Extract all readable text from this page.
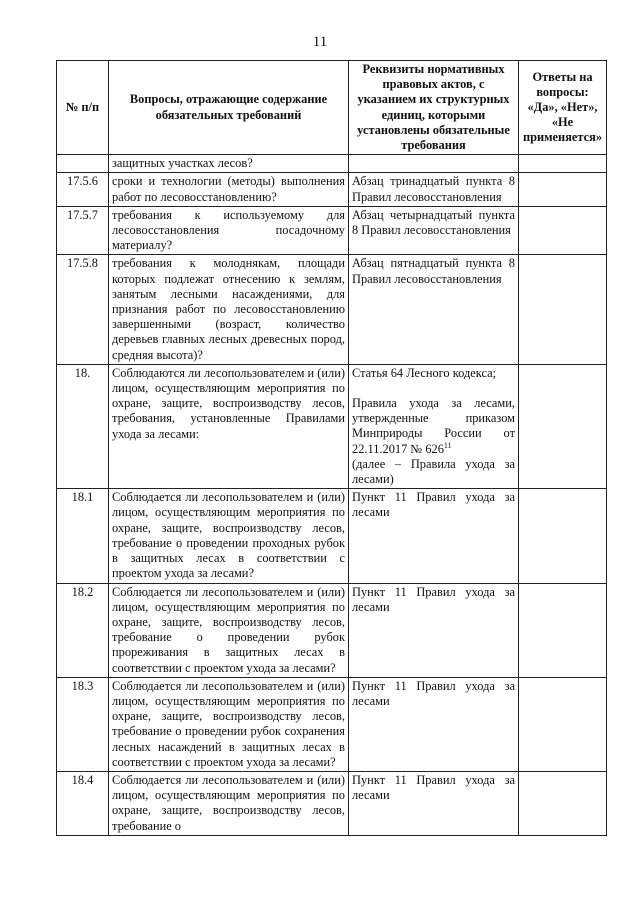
11
№ п/п	Вопросы, отражающие содержание обязательных требований	Реквизиты нормативных правовых актов, с указанием их структурных единиц, которыми установлены обязательные требования	Ответы на вопросы: «Да», «Нет», «Не применяется»
	защитных участках лесов?	

17.5.6	сроки и технологии (методы) выполнения работ по лесовосстановлению?	Абзац тринадцатый пункта 8 Правил лесовосстановления	

17.5.7	требования к используемому для лесовосстановления посадочному материалу?	Абзац четырнадцатый пункта 8 Правил лесовосстановления	

17.5.8	требования к молоднякам, площади которых подлежат отнесению к землям, занятым лесными насаждениями, для признания работ по лесовосстановлению завершенными (возраст, количество деревьев главных лесных древесных пород, средняя высота)?	Абзац пятнадцатый пункта 8 Правил лесовосстановления	

18.	Соблюдаются ли лесопользователем и (или) лицом, осуществляющим мероприятия по охране, защите, воспроизводству лесов, требования, установленные Правилами ухода за лесами:	Статья 64 Лесного кодекса;
Правила ухода за лесами, утвержденные приказом Минприроды России от 22.11.2017 № $626^{11}$
(далее – Правила ухода за лесами)	

18.1	Соблюдается ли лесопользователем и (или) лицом, осуществляющим мероприятия по охране, защите, воспроизводству лесов, требование о проведении проходных рубок в защитных лесах в соответствии с проектом ухода за лесами?	Пункт 11 Правил ухода за лесами	

18.2	Соблюдается ли лесопользователем и (или) лицом, осуществляющим мероприятия по охране, защите, воспроизводству лесов, требование о проведении рубок прореживания в защитных лесах в соответствии с проектом ухода за лесами?	Пункт 11 Правил ухода за лесами	

18.3	Соблюдается ли лесопользователем и (или) лицом, осуществляющим мероприятия по охране, защите, воспроизводству лесов, требование о проведении рубок сохранения лесных насаждений в защитных лесах в соответствии с проектом ухода за лесами?	Пункт 11 Правил ухода за лесами	

18.4	Соблюдается ли лесопользователем и (или) лицом, осуществляющим мероприятия по охране, защите, воспроизводству лесов, требование о	Пункт 11 Правил ухода за лесами	
